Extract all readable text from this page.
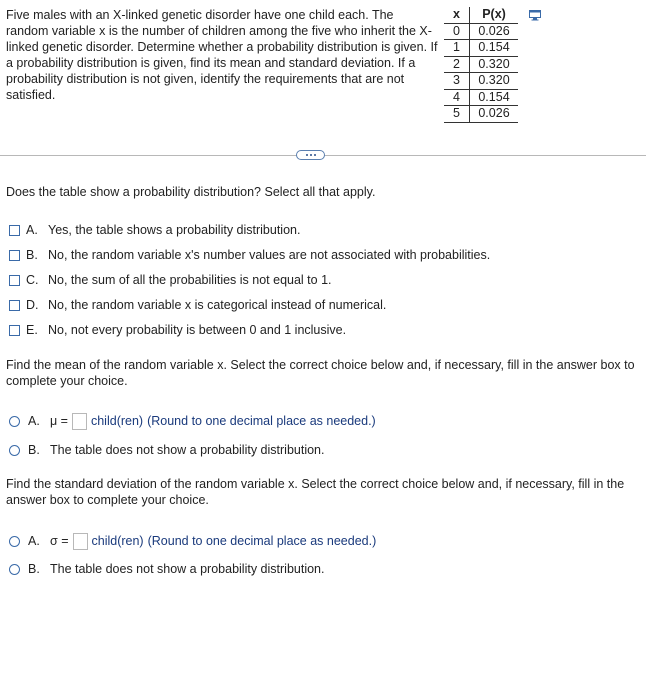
Five males with an X-linked genetic disorder have one child each. The random variable x is the number of children among the five who inherit the X-linked genetic disorder. Determine whether a probability distribution is given. If a probability distribution is given, find its mean and standard deviation. If a probability distribution is not given, identify the requirements that are not satisfied.
x	P(x)
0	0.026
1	0.154
2	0.320
3	0.320
4	0.154
5	0.026
Does the table show a probability distribution? Select all that apply.
A. Yes, the table shows a probability distribution.
B. No, the random variable x's number values are not associated with probabilities.
C. No, the sum of all the probabilities is not equal to 1.
D. No, the random variable x is categorical instead of numerical.
E. No, not every probability is between 0 and 1 inclusive.
Find the mean of the random variable x. Select the correct choice below and, if necessary, fill in the answer box to complete your choice.
A. μ = child(ren) (Round to one decimal place as needed.)
B. The table does not show a probability distribution.
Find the standard deviation of the random variable x. Select the correct choice below and, if necessary, fill in the answer box to complete your choice.
A. σ = child(ren) (Round to one decimal place as needed.)
B. The table does not show a probability distribution.
